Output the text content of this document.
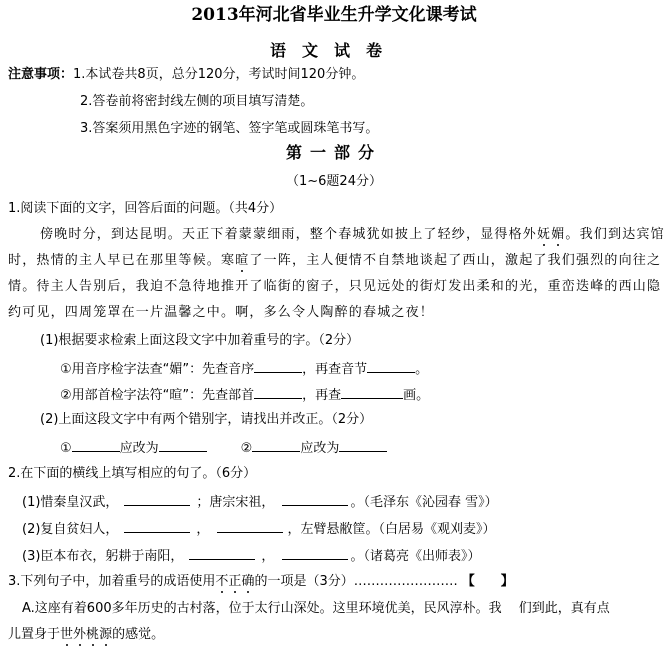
2013年河北省毕业生升学文化课考试
语文试卷
注意事项：1.本试卷共8页，总分120分，考试时间120分钟。
2.答卷前将密封线左侧的项目填写清楚。
3.答案须用黑色字迹的钢笔、签字笔或圆珠笔书写。
第一部分
（1~6题24分）
1.阅读下面的文字，回答后面的问题。（共4分）
傍晚时分，到达昆明。天正下着蒙蒙细雨，整个春城犹如披上了轻纱，显得格外妩媚。我们到达宾馆
时，热情的主人早已在那里等候。寒暄了一阵，主人便情不自禁地谈起了西山，激起了我们强烈的向往之
情。待主人告别后，我迫不急待地推开了临街的窗子，只见远处的街灯发出柔和的光，重峦迭峰的西山隐
约可见，四周笼罩在一片温馨之中。啊，多么令人陶醉的春城之夜！
(1)根据要求检索上面这段文字中加着重号的字。（2分）
①用音序检字法查“媚”：先查音序	，再查音节	。
②用部首检字法符“暄”：先查部首	，再查	画。
(2)上面这段文字中有两个错别字，请找出并改正。（2分）
①	应改为	②	应改为
2.在下面的横线上填写相应的句了。（6分）
(1)惜秦皇汉武，	；唐宗宋祖，	。（毛泽东《沁园春 雪》）
(2)复自贫妇人，	，	，左臂悬敝筐。（白居易《观刈麦》）
(3)臣本布衣，躬耕于南阳，	，	。（诸葛亮《出师表》）
3.下列句子中，加着重号的成语使用不正确的一项是（3分）…………………… 【　　】
A.这座有着600多年历史的古村落，位于太行山深处。这里环境优美，民风淳朴。我　 们到此，真有点
儿置身于世外桃源的感觉。
